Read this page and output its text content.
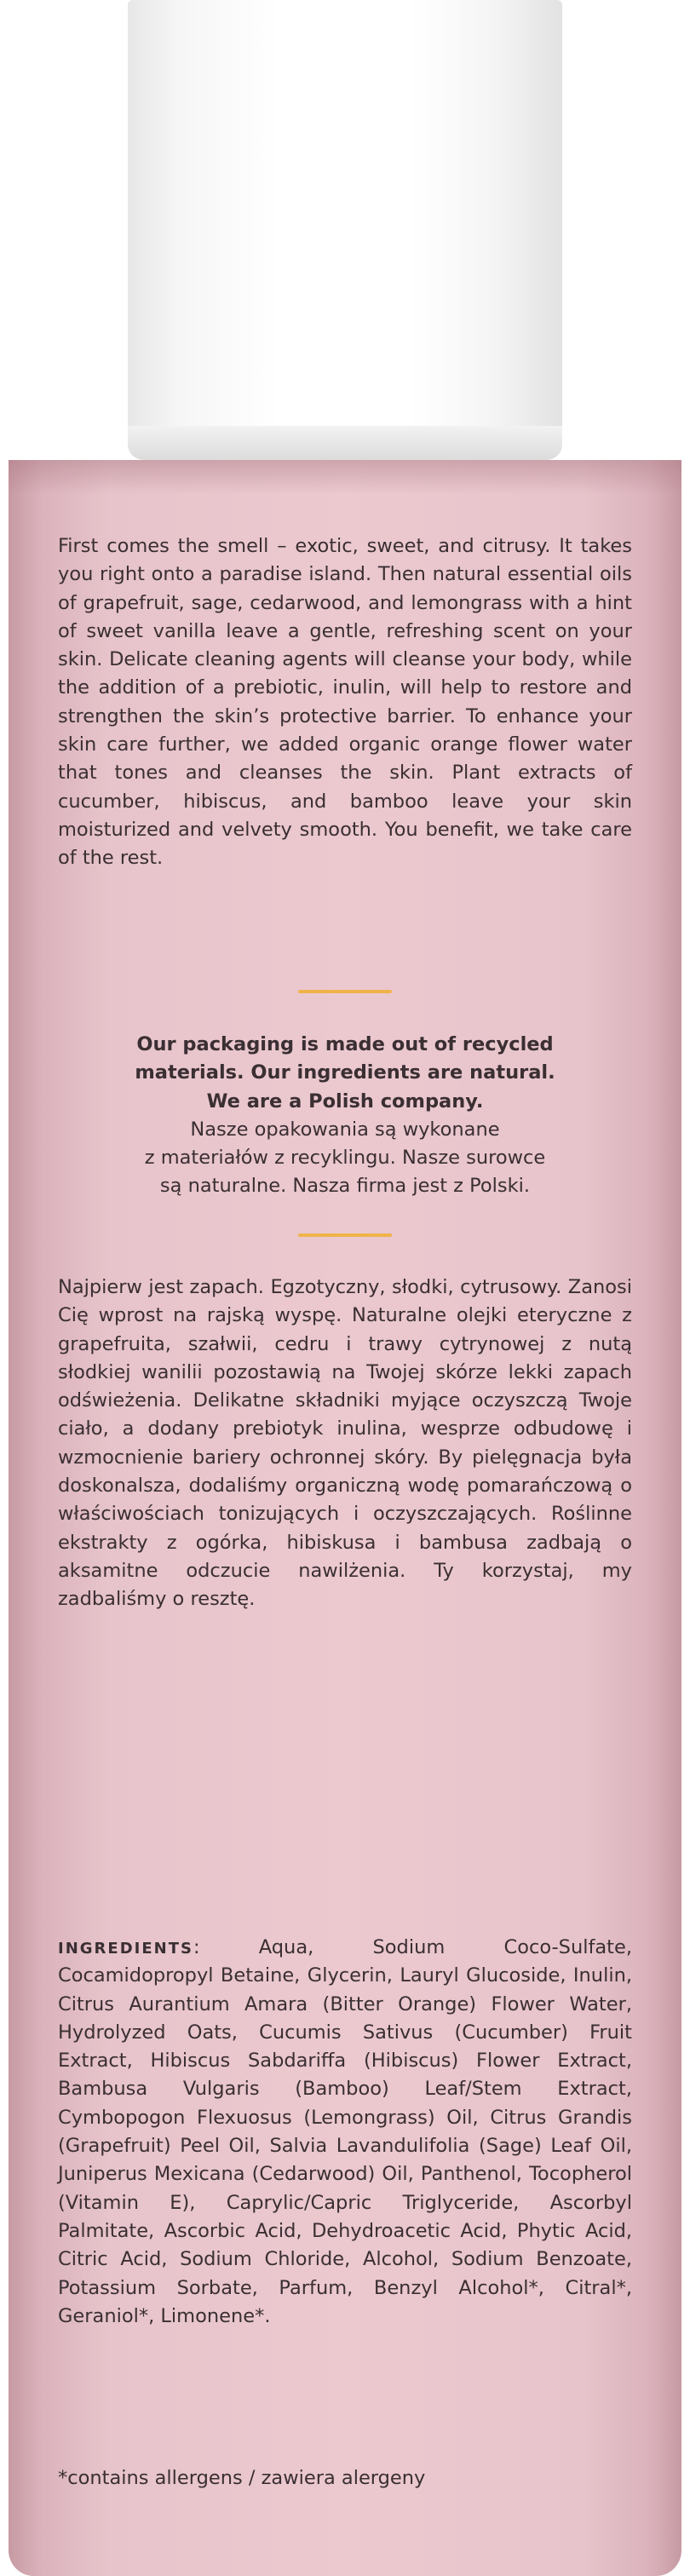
First comes the smell – exotic, sweet, and citrusy. It takes you right onto a paradise island. Then natural essential oils of grapefruit, sage, cedarwood, and lemongrass with a hint of sweet vanilla leave a gentle, refreshing scent on your skin. Delicate cleaning agents will cleanse your body, while the addition of a prebiotic, inulin, will help to restore and strengthen the skin’s protective barrier. To enhance your skin care further, we added organic orange flower water that tones and cleanses the skin. Plant extracts of cucumber, hibiscus, and bamboo leave your skin moisturized and velvety smooth. You benefit, we take care of the rest.
Our packaging is made out of recycled
materials. Our ingredients are natural.
We are a Polish company.
Nasze opakowania są wykonane
z materiałów z recyklingu. Nasze surowce
są naturalne. Nasza firma jest z Polski.
Najpierw jest zapach. Egzotyczny, słodki, cytrusowy. Zanosi Cię wprost na rajską wyspę. Naturalne olejki eteryczne z grapefruita, szałwii, cedru i trawy cytrynowej z nutą słodkiej wanilii pozostawią na Twojej skórze lekki zapach odświeżenia. Delikatne składniki myjące oczyszczą Twoje ciało, a dodany prebiotyk inulina, wesprze odbudowę i wzmocnienie bariery ochronnej skóry. By pielęgnacja była doskonalsza, dodaliśmy organiczną wodę pomarańczową o właściwościach tonizujących i oczyszczających. Roślinne ekstrakty z ogórka, hibiskusa i bambusa zadbają o aksamitne odczucie nawilżenia. Ty korzystaj, my zadbaliśmy o resztę.
INGREDIENTS: Aqua, Sodium Coco-Sulfate, Cocamidopropyl Betaine, Glycerin, Lauryl Glucoside, Inulin, Citrus Aurantium Amara (Bitter Orange) Flower Water, Hydrolyzed Oats, Cucumis Sativus (Cucumber) Fruit Extract, Hibiscus Sabdariffa (Hibiscus) Flower Extract, Bambusa Vulgaris (Bamboo) Leaf/Stem Extract, Cymbopogon Flexuosus (Lemongrass) Oil, Citrus Grandis (Grapefruit) Peel Oil, Salvia Lavandulifolia (Sage) Leaf Oil, Juniperus Mexicana (Cedarwood) Oil, Panthenol, Tocopherol (Vitamin E), Caprylic/Capric Triglyceride, Ascorbyl Palmitate, Ascorbic Acid, Dehydroacetic Acid, Phytic Acid, Citric Acid, Sodium Chloride, Alcohol, Sodium Benzoate, Potassium Sorbate, Parfum, Benzyl Alcohol*, Citral*, Geraniol*, Limonene*.
*contains allergens / zawiera alergeny
